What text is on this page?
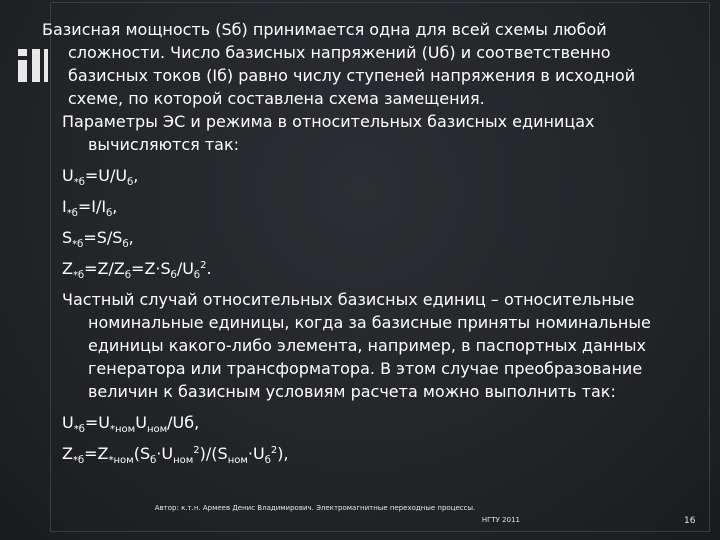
Базисная мощность (Sб) принимается одна для всей схемы любой сложности. Число базисных напряжений (Uб) и соответственно базисных токов (Iб) равно числу ступеней напряжения в исходной схеме, по которой составлена схема замещения.

Параметры ЭС и режима в относительных базисных единицах вычисляются так:

$U_{*б}=U/U_б$,

$I_{*б}=I/I_б$,

$S_{*б}=S/S_б$,

$Z_{*б}=Z/Z_б=Z\cdot S_б/U_б^2$.

Частный случай относительных базисных единиц – относительные номинальные единицы, когда за базисные приняты номинальные единицы какого-либо элемента, например, в паспортных данных генератора или трансформатора. В этом случае преобразование величин к базисным условиям расчета можно выполнить так:

$U_{*б}=U_{*ном}U_{ном}/Uб$,

$Z_{*б}=Z_{*ном}(S_б\cdot U_{ном}^2)/(S_{ном}\cdot U_б^2)$,

Автор: к.т.н. Армеев Денис Владимирович. Электромагнитные переходные процессы.
НГТУ 2011	16
